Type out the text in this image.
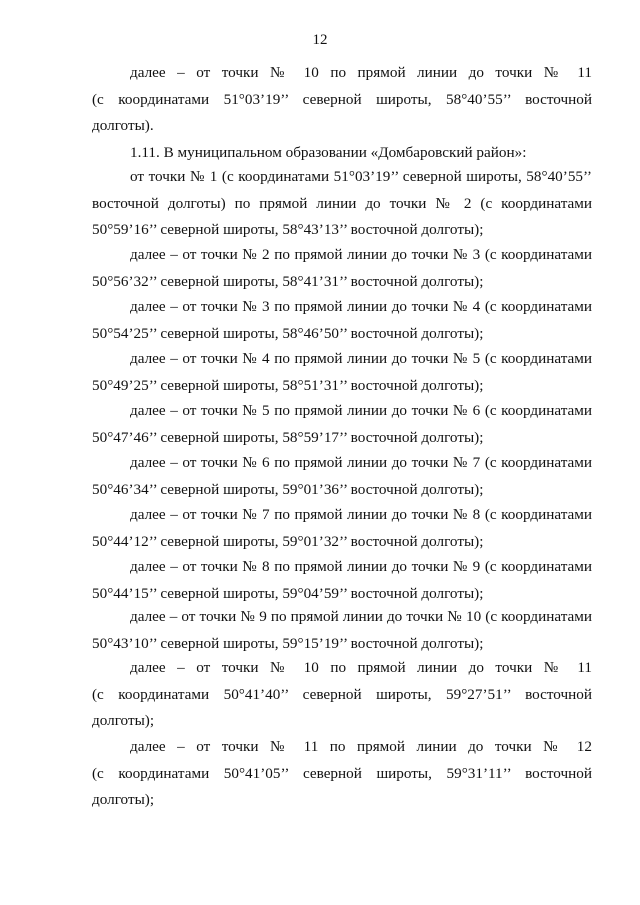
12

далее – от точки № 10 по прямой линии до точки № 11
(с координатами 51°03’19’’ северной широты, 58°40’55’’ восточной
долготы).

1.11. В муниципальном образовании «Домбаровский район»:

от точки № 1 (с координатами 51°03’19’’ северной широты, 58°40’55’’
восточной долготы) по прямой линии до точки № 2 (с координатами
50°59’16’’ северной широты, 58°43’13’’ восточной долготы);

далее – от точки № 2 по прямой линии до точки № 3 (с координатами
50°56’32’’ северной широты, 58°41’31’’ восточной долготы);

далее – от точки № 3 по прямой линии до точки № 4 (с координатами
50°54’25’’ северной широты, 58°46’50’’ восточной долготы);

далее – от точки № 4 по прямой линии до точки № 5 (с координатами
50°49’25’’ северной широты, 58°51’31’’ восточной долготы);

далее – от точки № 5 по прямой линии до точки № 6 (с координатами
50°47’46’’ северной широты, 58°59’17’’ восточной долготы);

далее – от точки № 6 по прямой линии до точки № 7 (с координатами
50°46’34’’ северной широты, 59°01’36’’ восточной долготы);

далее – от точки № 7 по прямой линии до точки № 8 (с координатами
50°44’12’’ северной широты, 59°01’32’’ восточной долготы);

далее – от точки № 8 по прямой линии до точки № 9 (с координатами
50°44’15’’ северной широты, 59°04’59’’ восточной долготы);

далее – от точки № 9 по прямой линии до точки № 10 (с координатами
50°43’10’’ северной широты, 59°15’19’’ восточной долготы);

далее – от точки № 10 по прямой линии до точки № 11
(с координатами 50°41’40’’ северной широты, 59°27’51’’ восточной
долготы);

далее – от точки № 11 по прямой линии до точки № 12
(с координатами 50°41’05’’ северной широты, 59°31’11’’ восточной
долготы);
